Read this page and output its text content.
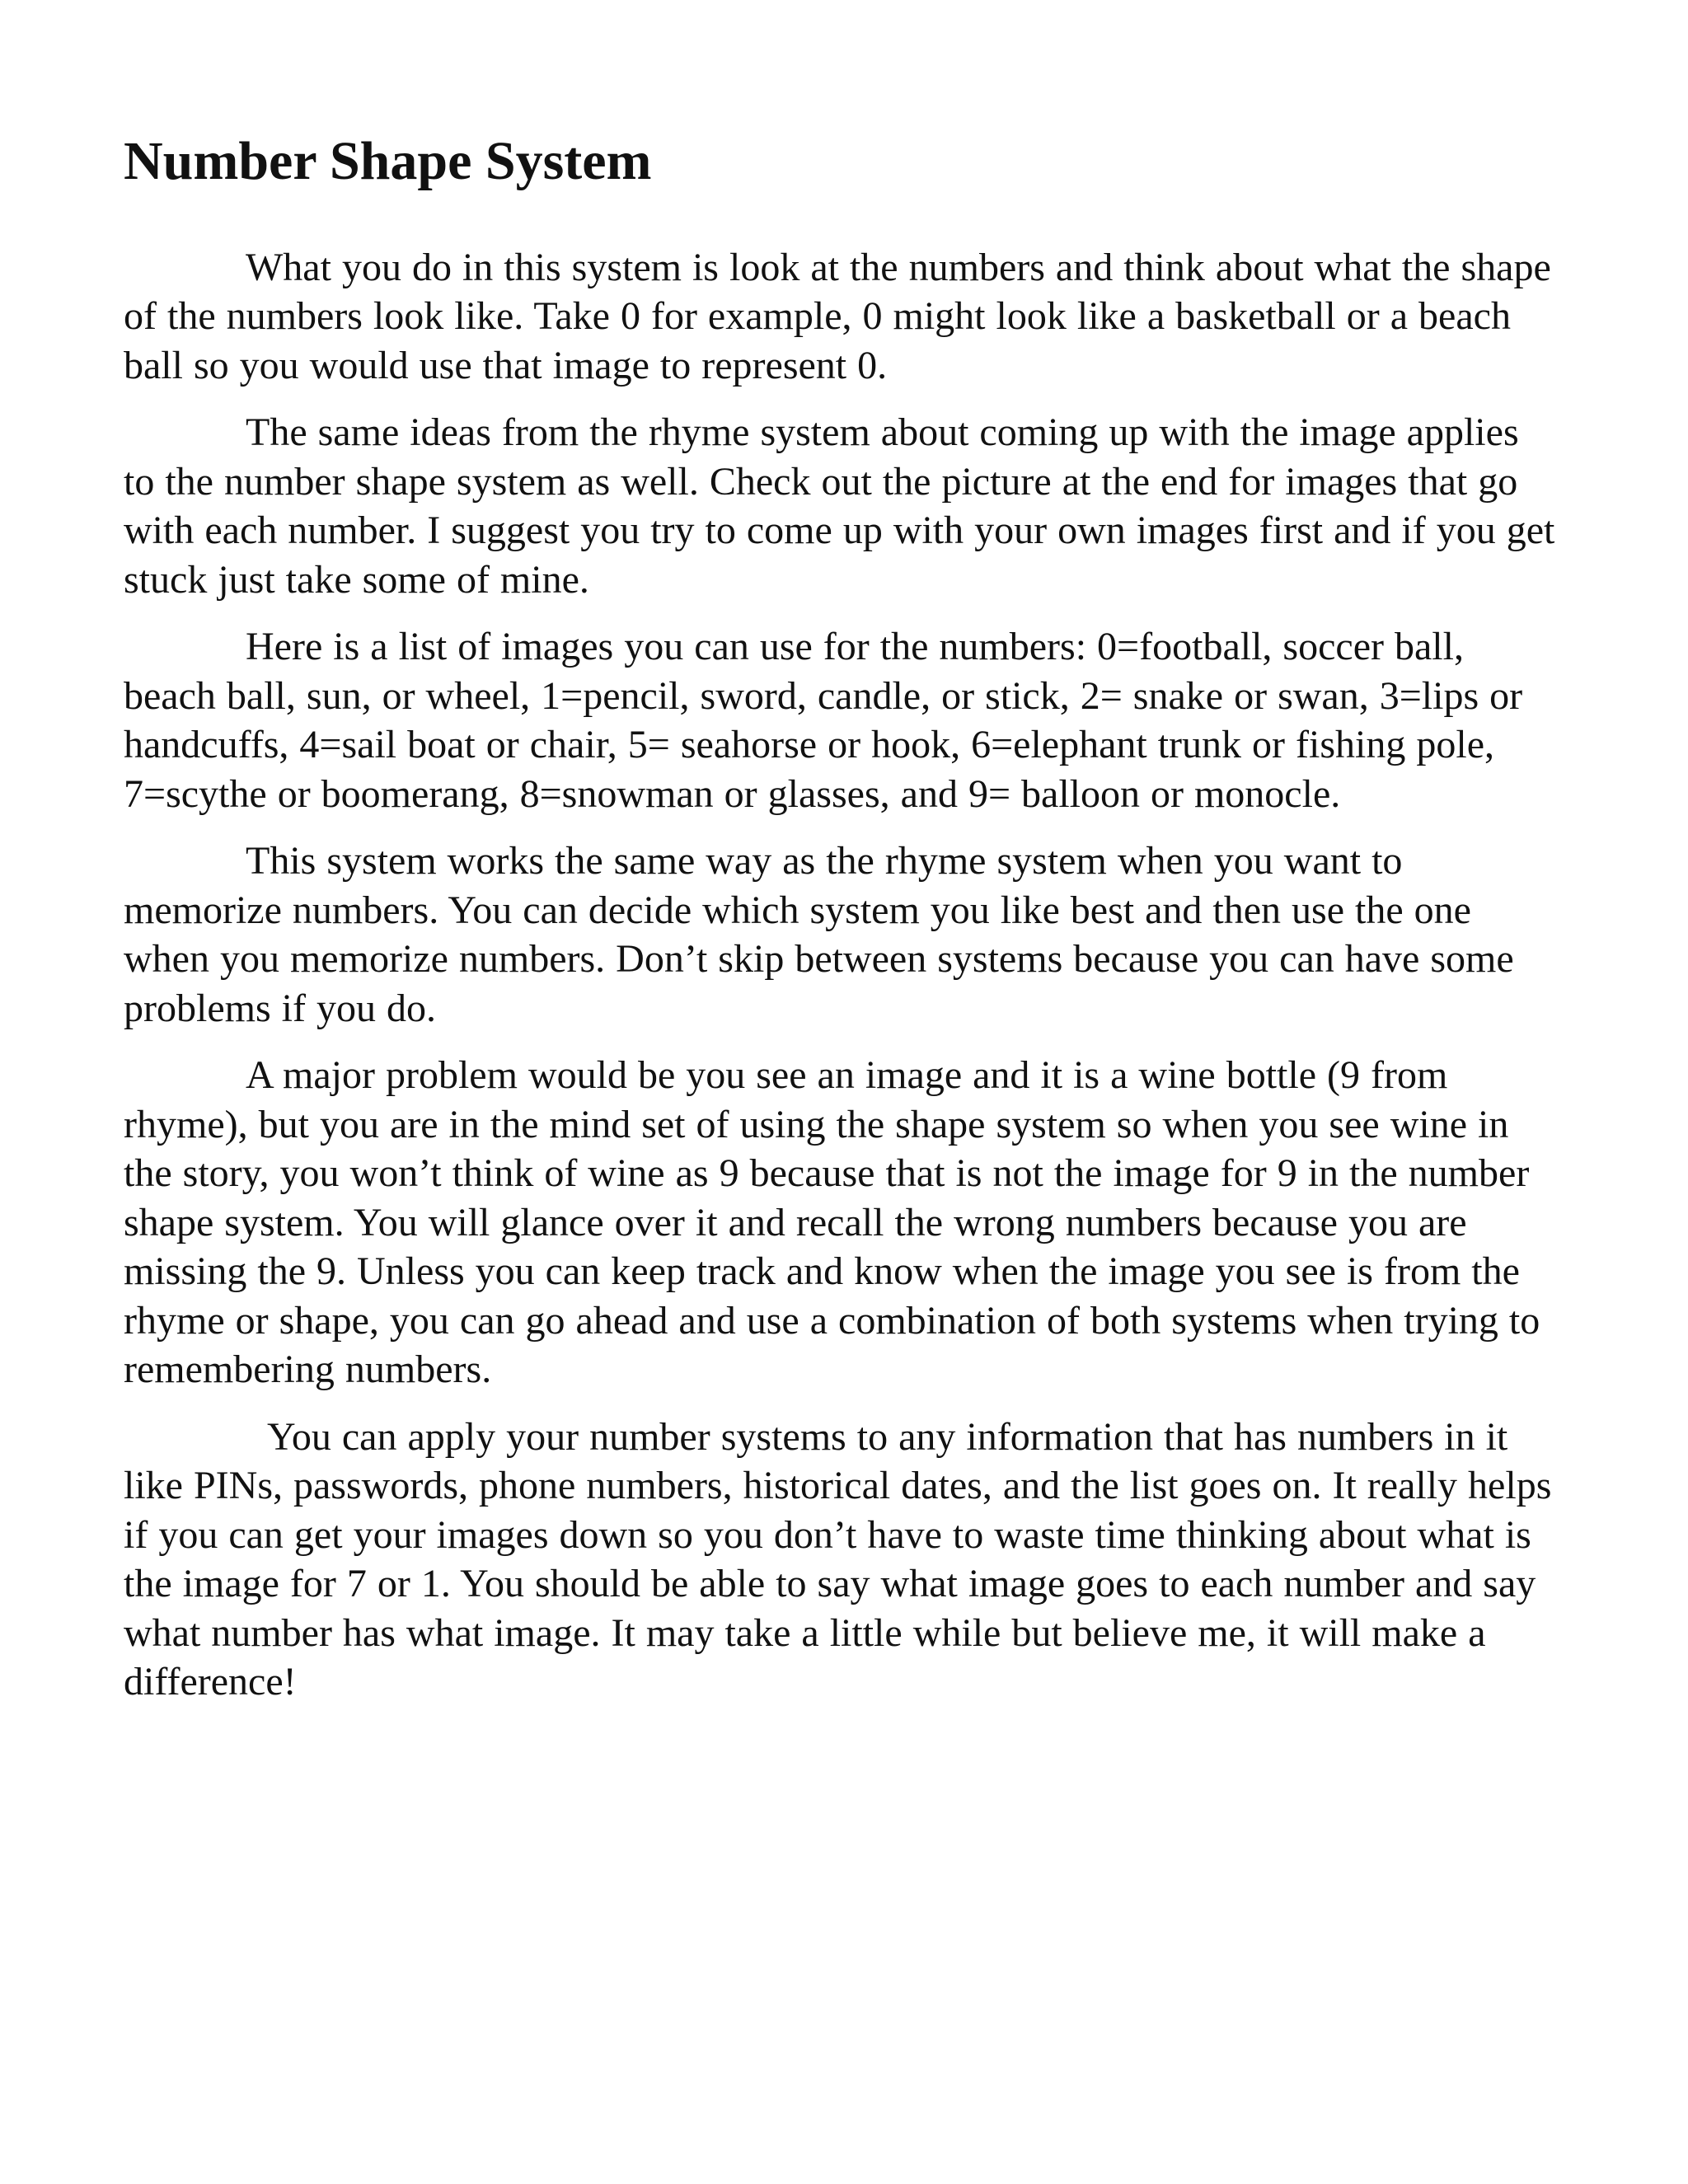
Number Shape System

What you do in this system is look at the numbers and think about what the shape of the numbers look like. Take 0 for example, 0 might look like a basketball or a beach ball so you would use that image to represent 0.

The same ideas from the rhyme system about coming up with the image applies to the number shape system as well. Check out the picture at the end for images that go with each number. I suggest you try to come up with your own images first and if you get stuck just take some of mine.

Here is a list of images you can use for the numbers: 0=football, soccer ball, beach ball, sun, or wheel, 1=pencil, sword, candle, or stick, 2= snake or swan, 3=lips or handcuffs, 4=sail boat or chair, 5= seahorse or hook, 6=elephant trunk or fishing pole, 7=scythe or boomerang, 8=snowman or glasses, and 9= balloon or monocle.

This system works the same way as the rhyme system when you want to memorize numbers. You can decide which system you like best and then use the one when you memorize numbers. Don’t skip between systems because you can have some problems if you do.

A major problem would be you see an image and it is a wine bottle (9 from rhyme), but you are in the mind set of using the shape system so when you see wine in the story, you won’t think of wine as 9 because that is not the image for 9 in the number shape system. You will glance over it and recall the wrong numbers because you are missing the 9. Unless you can keep track and know when the image you see is from the rhyme or shape, you can go ahead and use a combination of both systems when trying to remembering numbers.

You can apply your number systems to any information that has numbers in it like PINs, passwords, phone numbers, historical dates, and the list goes on. It really helps if you can get your images down so you don’t have to waste time thinking about what is the image for 7 or 1. You should be able to say what image goes to each number and say what number has what image. It may take a little while but believe me, it will make a difference!
